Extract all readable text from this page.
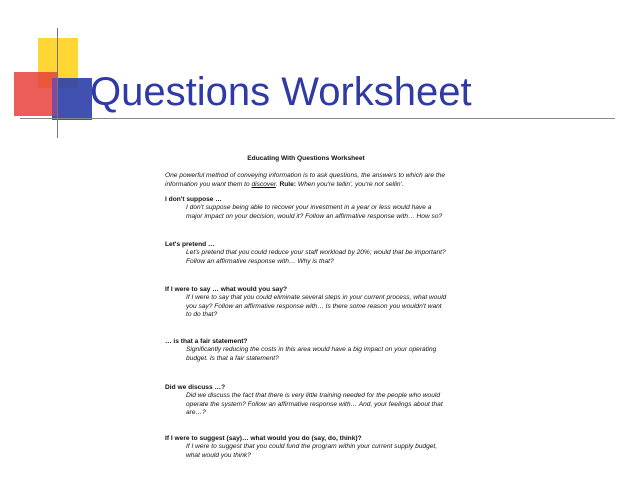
Questions Worksheet
Educating With Questions Worksheet
One powerful method of conveying information is to ask questions, the answers to which are the information you want them to discover. Rule: When you're tellin', you're not sellin'.
I don't suppose …
I don't suppose being able to recover your investment in a year or less would have a major impact on your decision, would it? Follow an affirmative response with… How so?
Let's pretend …
Let's pretend that you could reduce your staff workload by 20%; would that be important? Follow an affirmative response with… Why is that?
If I were to say … what would you say?
If I were to say that you could eliminate several steps in your current process, what would you say? Follow an affirmative response with… Is there some reason you wouldn't want to do that?
… is that a fair statement?
Significantly reducing the costs in this area would have a big impact on your operating budget. Is that a fair statement?
Did we discuss …?
Did we discuss the fact that there is very little training needed for the people who would operate the system? Follow an affirmative response with… And, your feelings about that are…?
If I were to suggest (say)… what would you do (say, do, think)?
If I were to suggest that you could fund the program within your current supply budget, what would you think?
